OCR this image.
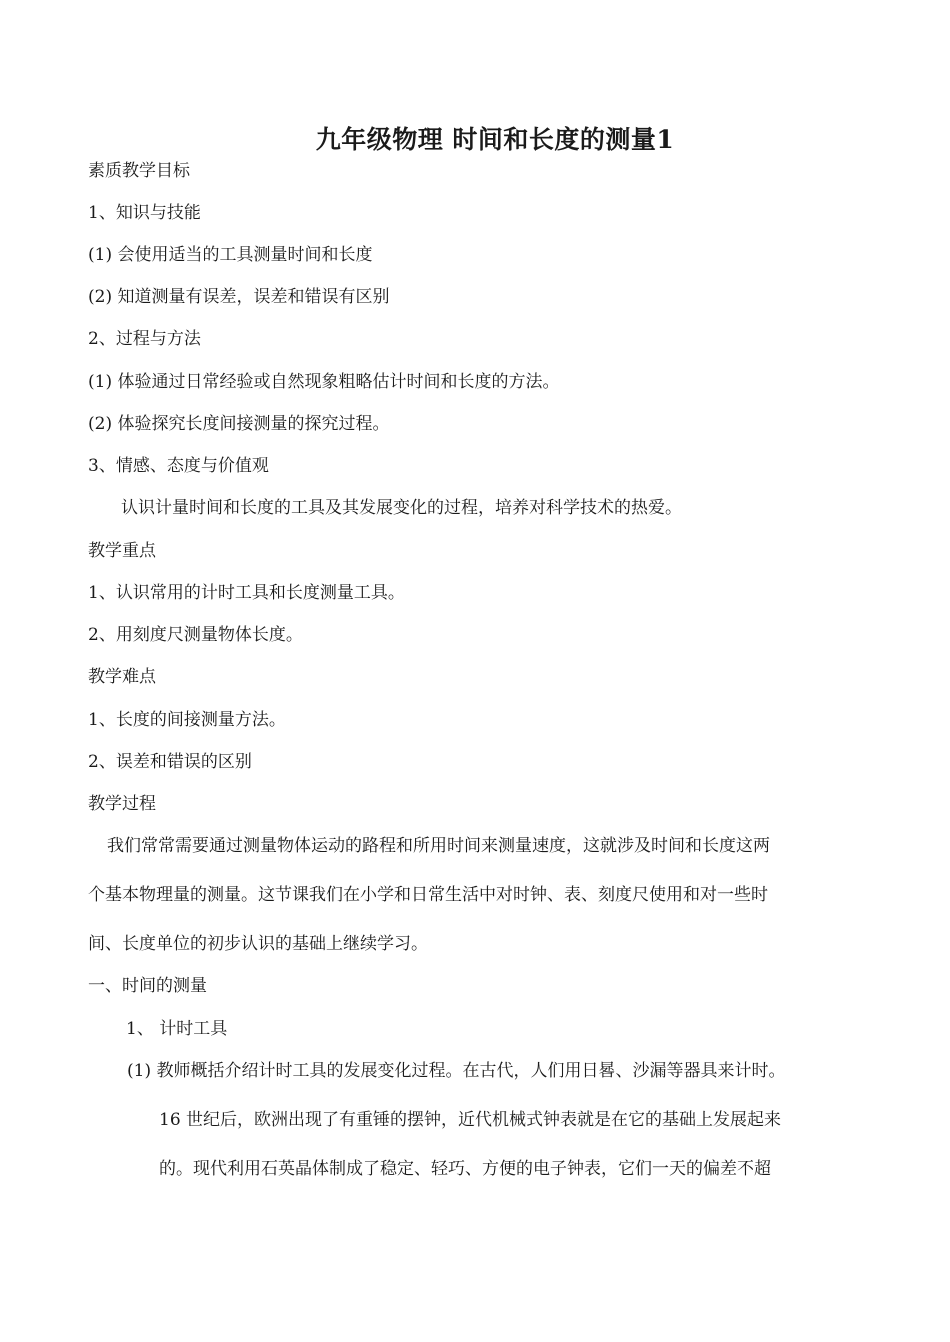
九年级物理 时间和长度的测量1
素质教学目标
1、知识与技能
(1) 会使用适当的工具测量时间和长度
(2) 知道测量有误差，误差和错误有区别
2、过程与方法
(1) 体验通过日常经验或自然现象粗略估计时间和长度的方法。
(2) 体验探究长度间接测量的探究过程。
3、情感、态度与价值观
认识计量时间和长度的工具及其发展变化的过程，培养对科学技术的热爱。
教学重点
1、认识常用的计时工具和长度测量工具。
2、用刻度尺测量物体长度。
教学难点
1、长度的间接测量方法。
2、误差和错误的区别
教学过程
我们常常需要通过测量物体运动的路程和所用时间来测量速度，这就涉及时间和长度这两
个基本物理量的测量。这节课我们在小学和日常生活中对时钟、表、刻度尺使用和对一些时
间、长度单位的初步认识的基础上继续学习。
一、时间的测量
1、 计时工具
(1) 教师概括介绍计时工具的发展变化过程。在古代，人们用日晷、沙漏等器具来计时。
16 世纪后，欧洲出现了有重锤的摆钟，近代机械式钟表就是在它的基础上发展起来
的。现代利用石英晶体制成了稳定、轻巧、方便的电子钟表，它们一天的偏差不超
